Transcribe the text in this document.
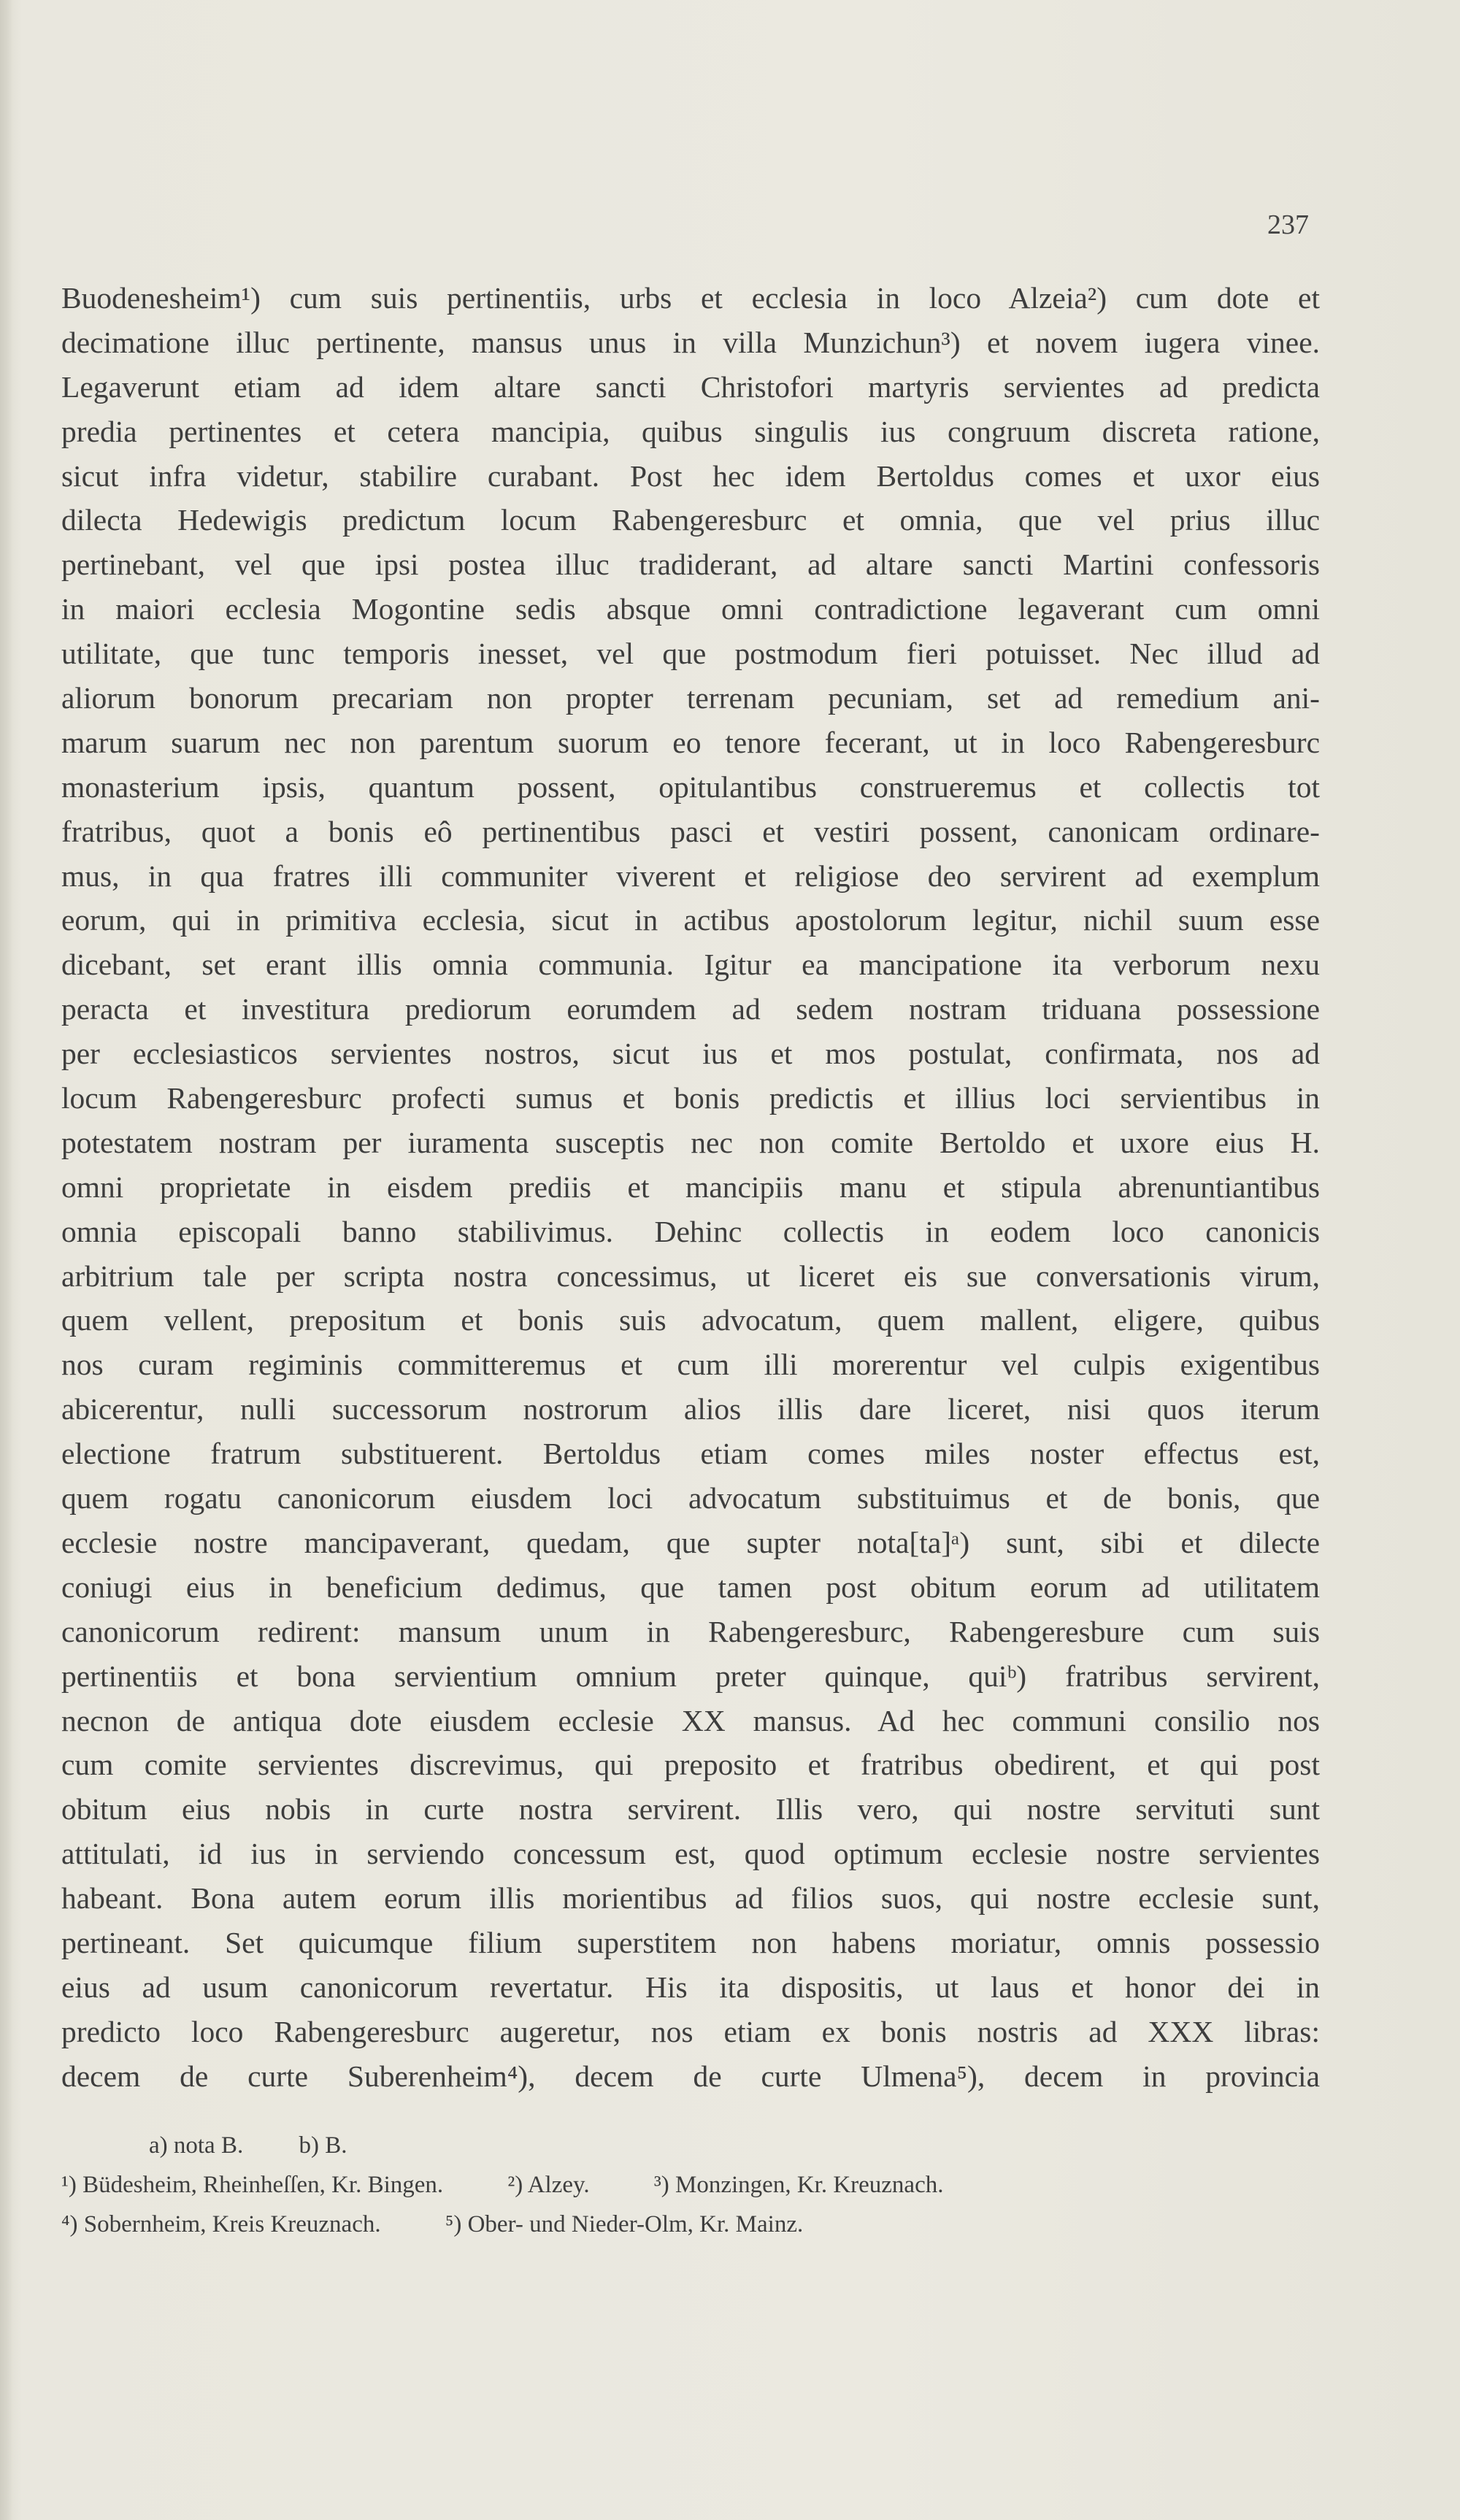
237
Buodenesheim¹) cum suis pertinentiis, urbs et ecclesia in loco Alzeia²) cum dote et
decimatione illuc pertinente, mansus unus in villa Munzichun³) et novem iugera vinee.
Legaverunt etiam ad idem altare sancti Christofori martyris servientes ad predicta
predia pertinentes et cetera mancipia, quibus singulis ius congruum discreta ratione,
sicut infra videtur, stabilire curabant. Post hec idem Bertoldus comes et uxor eius
dilecta Hedewigis predictum locum Rabengeresburc et omnia, que vel prius illuc
pertinebant, vel que ipsi postea illuc tradiderant, ad altare sancti Martini confessoris
in maiori ecclesia Mogontine sedis absque omni contradictione legaverant cum omni
utilitate, que tunc temporis inesset, vel que postmodum fieri potuisset. Nec illud ad
aliorum bonorum precariam non propter terrenam pecuniam, set ad remedium ani-
marum suarum nec non parentum suorum eo tenore fecerant, ut in loco Rabengeresburc
monasterium ipsis, quantum possent, opitulantibus construeremus et collectis tot
fratribus, quot a bonis eô pertinentibus pasci et vestiri possent, canonicam ordinare-
mus, in qua fratres illi communiter viverent et religiose deo servirent ad exemplum
eorum, qui in primitiva ecclesia, sicut in actibus apostolorum legitur, nichil suum esse
dicebant, set erant illis omnia communia. Igitur ea mancipatione ita verborum nexu
peracta et investitura prediorum eorumdem ad sedem nostram triduana possessione
per ecclesiasticos servientes nostros, sicut ius et mos postulat, confirmata, nos ad
locum Rabengeresburc profecti sumus et bonis predictis et illius loci servientibus in
potestatem nostram per iuramenta susceptis nec non comite Bertoldo et uxore eius H.
omni proprietate in eisdem prediis et mancipiis manu et stipula abrenuntiantibus
omnia episcopali banno stabilivimus. Dehinc collectis in eodem loco canonicis
arbitrium tale per scripta nostra concessimus, ut liceret eis sue conversationis virum,
quem vellent, prepositum et bonis suis advocatum, quem mallent, eligere, quibus
nos curam regiminis committeremus et cum illi morerentur vel culpis exigentibus
abicerentur, nulli successorum nostrorum alios illis dare liceret, nisi quos iterum
electione fratrum substituerent. Bertoldus etiam comes miles noster effectus est,
quem rogatu canonicorum eiusdem loci advocatum substituimus et de bonis, que
ecclesie nostre mancipaverant, quedam, que supter nota[ta]ᵃ) sunt, sibi et dilecte
coniugi eius in beneficium dedimus, que tamen post obitum eorum ad utilitatem
canonicorum redirent: mansum unum in Rabengeresburc, Rabengeresbure cum suis
pertinentiis et bona servientium omnium preter quinque, quiᵇ) fratribus servirent,
necnon de antiqua dote eiusdem ecclesie XX mansus. Ad hec communi consilio nos
cum comite servientes discrevimus, qui preposito et fratribus obedirent, et qui post
obitum eius nobis in curte nostra servirent. Illis vero, qui nostre servituti sunt
attitulati, id ius in serviendo concessum est, quod optimum ecclesie nostre servientes
habeant. Bona autem eorum illis morientibus ad filios suos, qui nostre ecclesie sunt,
pertineant. Set quicumque filium superstitem non habens moriatur, omnis possessio
eius ad usum canonicorum revertatur. His ita dispositis, ut laus et honor dei in
predicto loco Rabengeresburc augeretur, nos etiam ex bonis nostris ad XXX libras:
decem de curte Suberenheim⁴), decem de curte Ulmena⁵), decem in provincia
a) nota B. b) B.
¹) Büdesheim, Rheinheſſen, Kr. Bingen.	²) Alzey.	³) Monzingen, Kr. Kreuznach.
⁴) Sobernheim, Kreis Kreuznach.	⁵) Ober- und Nieder-Olm, Kr. Mainz.
